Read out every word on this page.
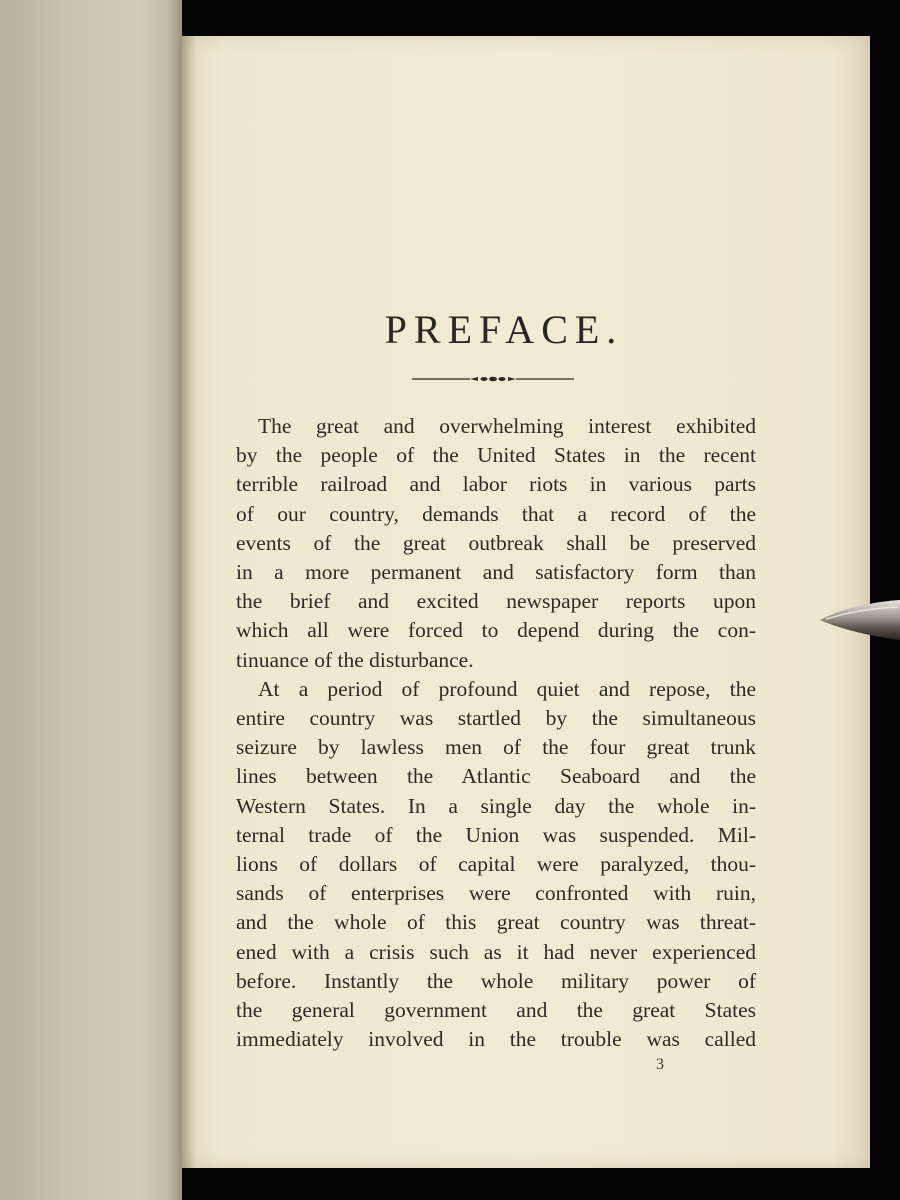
PREFACE.
The great and overwhelming interest exhibited
by the people of the United States in the recent
terrible railroad and labor riots in various parts
of our country, demands that a record of the
events of the great outbreak shall be preserved
in a more permanent and satisfactory form than
the brief and excited newspaper reports upon
which all were forced to depend during the con-
tinuance of the disturbance.
At a period of profound quiet and repose, the
entire country was startled by the simultaneous
seizure by lawless men of the four great trunk
lines between the Atlantic Seaboard and the
Western States. In a single day the whole in-
ternal trade of the Union was suspended. Mil-
lions of dollars of capital were paralyzed, thou-
sands of enterprises were confronted with ruin,
and the whole of this great country was threat-
ened with a crisis such as it had never experienced
before. Instantly the whole military power of
the general government and the great States
immediately involved in the trouble was called
3
